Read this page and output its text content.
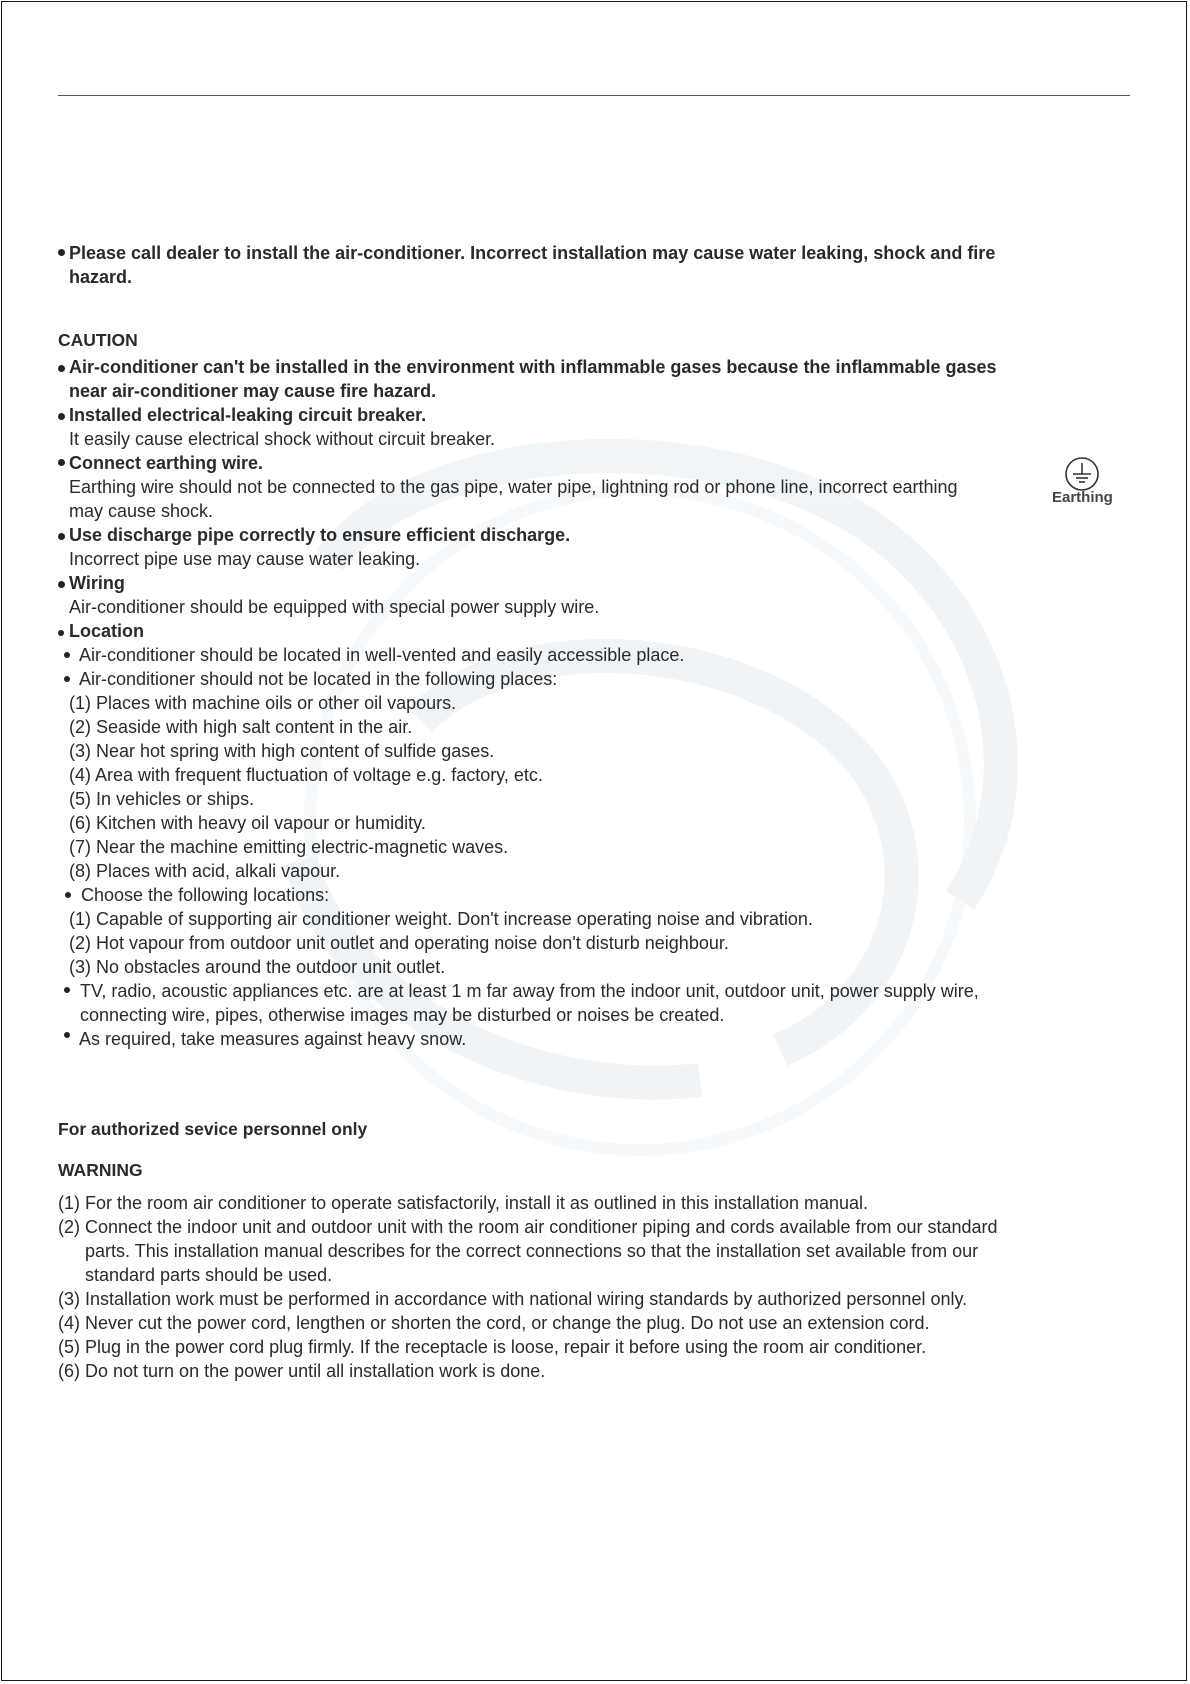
Please call dealer to install the air-conditioner. Incorrect installation may cause water leaking, shock and fire
hazard.
CAUTION
Air-conditioner can't be installed in the environment with inflammable gases because the inflammable gases
near air-conditioner may cause fire hazard.
Installed electrical-leaking circuit breaker.
It easily cause electrical shock without circuit breaker.
Connect earthing wire.
Earthing wire should not be connected to the gas pipe, water pipe, lightning rod or phone line, incorrect earthing
may cause shock.
Earthing
Use discharge pipe correctly to ensure efficient discharge.
Incorrect pipe use may cause water leaking.
Wiring
Air-conditioner should be equipped with special power supply wire.
Location
Air-conditioner should be located in well-vented and easily accessible place.
Air-conditioner should not be located in the following places:
(1) Places with machine oils or other oil vapours.
(2) Seaside with high salt content in the air.
(3) Near hot spring with high content of sulfide gases.
(4) Area with frequent fluctuation of voltage e.g. factory, etc.
(5) In vehicles or ships.
(6) Kitchen with heavy oil vapour or humidity.
(7) Near the machine emitting electric-magnetic waves.
(8) Places with acid, alkali vapour.
Choose the following locations:
(1) Capable of supporting air conditioner weight. Don't increase operating noise and vibration.
(2) Hot vapour from outdoor unit outlet and operating noise don't disturb neighbour.
(3) No obstacles around the outdoor unit outlet.
TV, radio, acoustic appliances etc. are at least 1 m far away from the indoor unit, outdoor unit, power supply wire,
connecting wire, pipes, otherwise images may be disturbed or noises be created.
As required, take measures against heavy snow.
For authorized sevice personnel only
WARNING
(1) For the room air conditioner to operate satisfactorily, install it as outlined in this installation manual.
(2) Connect the indoor unit and outdoor unit with the room air conditioner piping and cords available from our standard
parts. This installation manual describes for the correct connections so that the installation set available from our
standard parts should be used.
(3) Installation work must be performed in accordance with national wiring standards by authorized personnel only.
(4) Never cut the power cord, lengthen or shorten the cord, or change the plug. Do not use an extension cord.
(5) Plug in the power cord plug firmly. If the receptacle is loose, repair it before using the room air conditioner.
(6) Do not turn on the power until all installation work is done.
